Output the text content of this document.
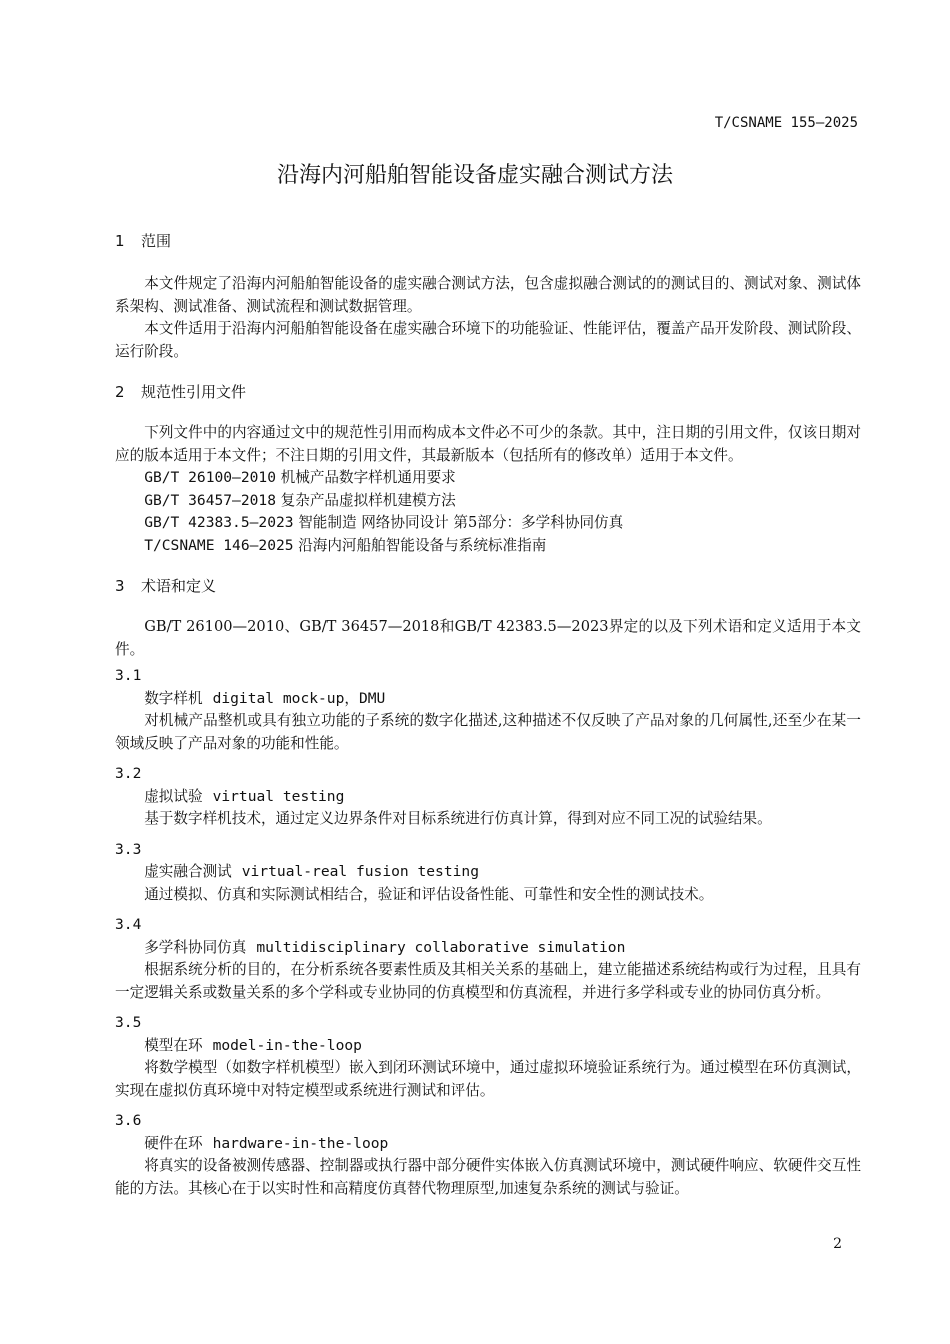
T/CSNAME 155—2025
沿海内河船舶智能设备虚实融合测试方法
1 范围

本文件规定了沿海内河船舶智能设备的虚实融合测试方法，包含虚拟融合测试的的测试目的、测试对象、测试体系架构、测试准备、测试流程和测试数据管理。

本文件适用于沿海内河船舶智能设备在虚实融合环境下的功能验证、性能评估，覆盖产品开发阶段、测试阶段、运行阶段。

2 规范性引用文件

下列文件中的内容通过文中的规范性引用而构成本文件必不可少的条款。其中，注日期的引用文件，仅该日期对应的版本适用于本文件；不注日期的引用文件，其最新版本（包括所有的修改单）适用于本文件。

GB/T 26100—2010 机械产品数字样机通用要求
GB/T 36457—2018 复杂产品虚拟样机建模方法
GB/T 42383.5—2023 智能制造 网络协同设计 第5部分：多学科协同仿真
T/CSNAME 146—2025 沿海内河船舶智能设备与系统标准指南
3 术语和定义

GB/T 26100—2010、GB/T 36457—2018和GB/T 42383.5—2023界定的以及下列术语和定义适用于本文件。

3.1
数字样机 digital mock-up，DMU

对机械产品整机或具有独立功能的子系统的数字化描述,这种描述不仅反映了产品对象的几何属性,还至少在某一领域反映了产品对象的功能和性能。

3.2
虚拟试验 virtual testing

基于数字样机技术，通过定义边界条件对目标系统进行仿真计算，得到对应不同工况的试验结果。

3.3
虚实融合测试 virtual-real fusion testing

通过模拟、仿真和实际测试相结合，验证和评估设备性能、可靠性和安全性的测试技术。

3.4
多学科协同仿真 multidisciplinary collaborative simulation

根据系统分析的目的，在分析系统各要素性质及其相关关系的基础上，建立能描述系统结构或行为过程，且具有一定逻辑关系或数量关系的多个学科或专业协同的仿真模型和仿真流程，并进行多学科或专业的协同仿真分析。

3.5
模型在环 model-in-the-loop

将数学模型（如数字样机模型）嵌入到闭环测试环境中，通过虚拟环境验证系统行为。通过模型在环仿真测试，实现在虚拟仿真环境中对特定模型或系统进行测试和评估。

3.6
硬件在环 hardware-in-the-loop

将真实的设备被测传感器、控制器或执行器中部分硬件实体嵌入仿真测试环境中，测试硬件响应、软硬件交互性能的方法。其核心在于以实时性和高精度仿真替代物理原型,加速复杂系统的测试与验证。

2
